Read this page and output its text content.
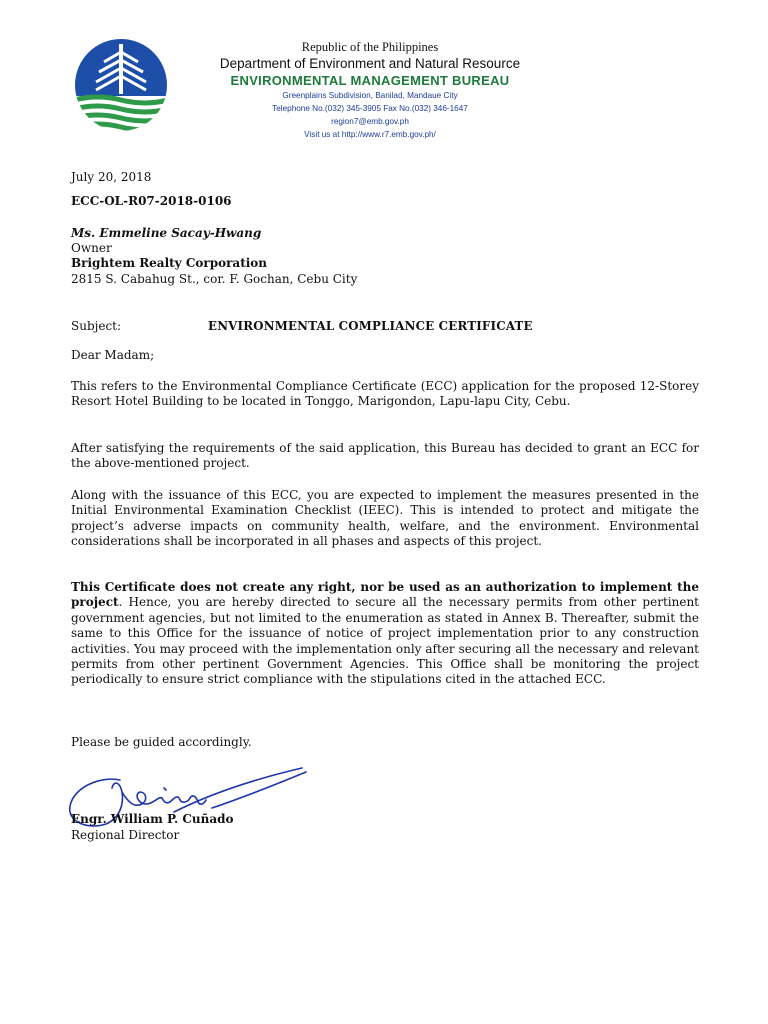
Republic of the Philippines
Department of Environment and Natural Resource
ENVIRONMENTAL MANAGEMENT BUREAU
Greenplains Subdivision, Banilad, Mandaue City
Telephone No.(032) 345-3905 Fax No.(032) 346-1647
region7@emb.gov.ph
Visit us at http://www.r7.emb.gov.ph/
July 20, 2018
ECC-OL-R07-2018-0106
Ms. Emmeline Sacay-Hwang
Owner
Brightem Realty Corporation
2815 S. Cabahug St., cor. F. Gochan, Cebu City
Subject:	ENVIRONMENTAL COMPLIANCE CERTIFICATE
Dear Madam;
This refers to the Environmental Compliance Certificate (ECC) application for the proposed 12-Storey Resort Hotel Building to be located in Tonggo, Marigondon, Lapu-lapu City, Cebu.
After satisfying the requirements of the said application, this Bureau has decided to grant an ECC for the above-mentioned project.
Along with the issuance of this ECC, you are expected to implement the measures presented in the Initial Environmental Examination Checklist (IEEC). This is intended to protect and mitigate the project’s adverse impacts on community health, welfare, and the environment. Environmental considerations shall be incorporated in all phases and aspects of this project.
This Certificate does not create any right, nor be used as an authorization to implement the project. Hence, you are hereby directed to secure all the necessary permits from other pertinent government agencies, but not limited to the enumeration as stated in Annex B. Thereafter, submit the same to this Office for the issuance of notice of project implementation prior to any construction activities. You may proceed with the implementation only after securing all the necessary and relevant permits from other pertinent Government Agencies. This Office shall be monitoring the project periodically to ensure strict compliance with the stipulations cited in the attached ECC.
Please be guided accordingly.
Engr. William P. Cuñado
Regional Director
